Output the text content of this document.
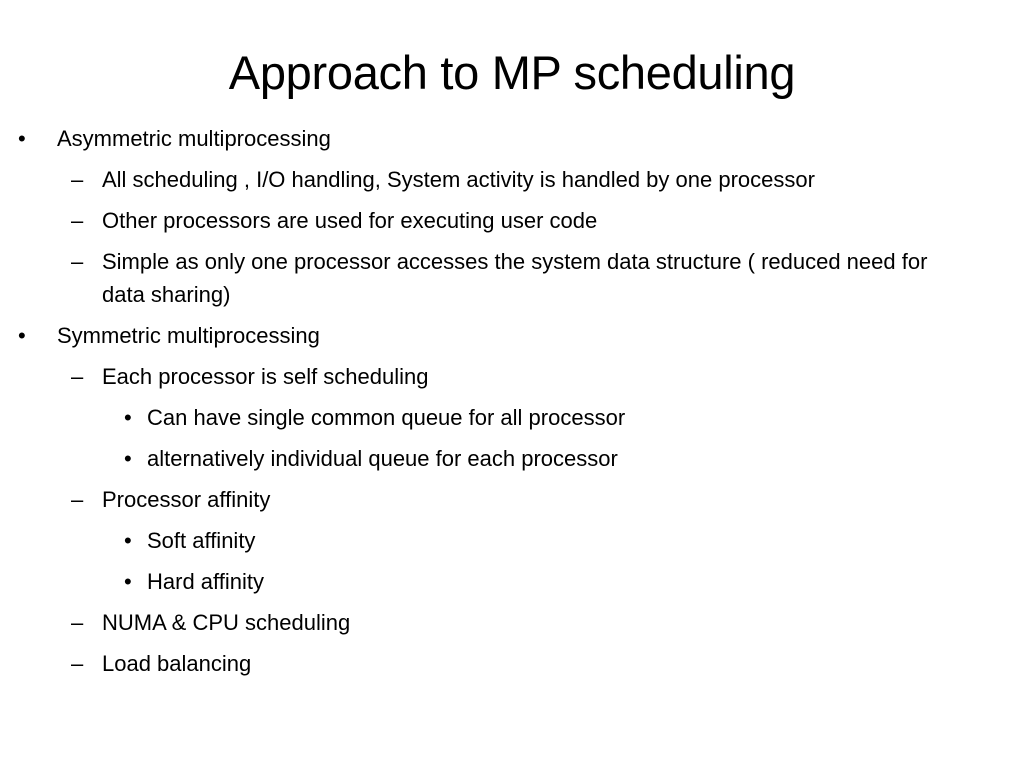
Approach to MP scheduling
• Asymmetric multiprocessing
– All scheduling , I/O handling, System activity is handled by one processor
– Other processors are used for executing user code
– Simple as only one processor accesses the system data structure ( reduced need for data sharing)
• Symmetric multiprocessing
– Each processor is self scheduling
• Can have single common queue for all processor
• alternatively individual queue for each processor
– Processor affinity
• Soft affinity
• Hard affinity
– NUMA & CPU scheduling
– Load balancing
